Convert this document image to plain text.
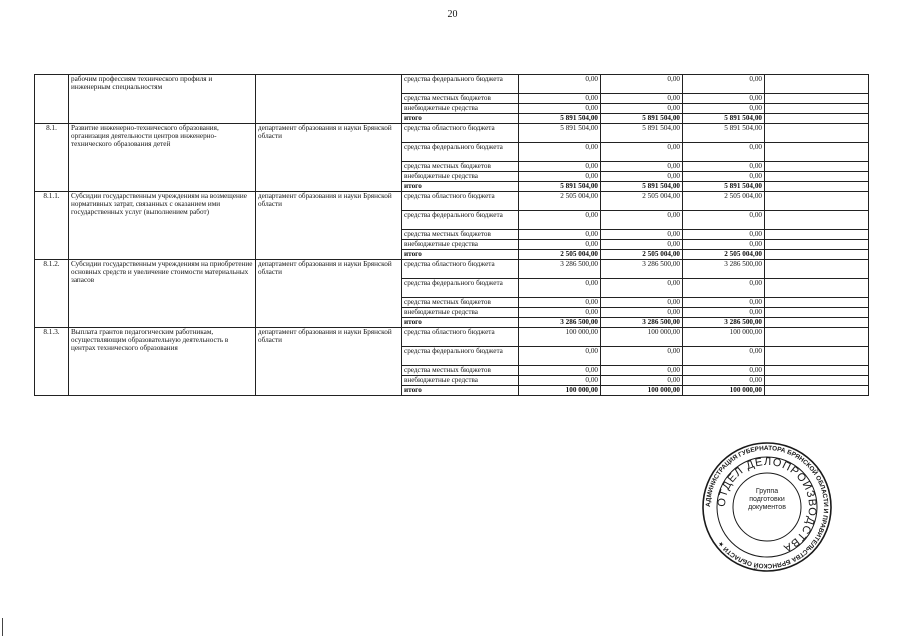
20
	рабочим профессиям технического профиля и инженерным специальностям		средства федерального бюджета	0,00	0,00	0,00	
			средства местных бюджетов	0,00	0,00	0,00	
			внебюджетные средства	0,00	0,00	0,00	
			итого	5 891 504,00	5 891 504,00	5 891 504,00	
8.1.	Развитие инженерно-технического образования, организация деятельности центров инженерно-технического образования детей	департамент образования и науки Брянской области	средства областного бюджета	5 891 504,00	5 891 504,00	5 891 504,00	
			средства федерального бюджета	0,00	0,00	0,00	
			средства местных бюджетов	0,00	0,00	0,00	
			внебюджетные средства	0,00	0,00	0,00	
			итого	5 891 504,00	5 891 504,00	5 891 504,00	
8.1.1.	Субсидии государственным учреждениям на возмещение нормативных затрат, связанных с оказанием ими государственных услуг (выполнением работ)	департамент образования и науки Брянской области	средства областного бюджета	2 505 004,00	2 505 004,00	2 505 004,00	
			средства федерального бюджета	0,00	0,00	0,00	
			средства местных бюджетов	0,00	0,00	0,00	
			внебюджетные средства	0,00	0,00	0,00	
			итого	2 505 004,00	2 505 004,00	2 505 004,00	
8.1.2.	Субсидии государственным учреждениям на приобретение основных средств и увеличение стоимости материальных запасов	департамент образования и науки Брянской области	средства областного бюджета	3 286 500,00	3 286 500,00	3 286 500,00	
			средства федерального бюджета	0,00	0,00	0,00	
			средства местных бюджетов	0,00	0,00	0,00	
			внебюджетные средства	0,00	0,00	0,00	
			итого	3 286 500,00	3 286 500,00	3 286 500,00	
8.1.3.	Выплата грантов педагогическим работникам, осуществляющим образовательную деятельность в центрах технического образования	департамент образования и науки Брянской области	средства областного бюджета	100 000,00	100 000,00	100 000,00	
			средства федерального бюджета	0,00	0,00	0,00	
			средства местных бюджетов	0,00	0,00	0,00	
			внебюджетные средства	0,00	0,00	0,00	
			итого	100 000,00	100 000,00	100 000,00	
АДМИНИСТРАЦИЯ ГУБЕРНАТОРА БРЯНСКОЙ ОБЛАСТИ И ПРАВИТЕЛЬСТВА БРЯНСКОЙ ОБЛАСТИ ★
ОТДЕЛ ДЕЛОПРОИЗВОДСТВА
Группа подготовки документов
